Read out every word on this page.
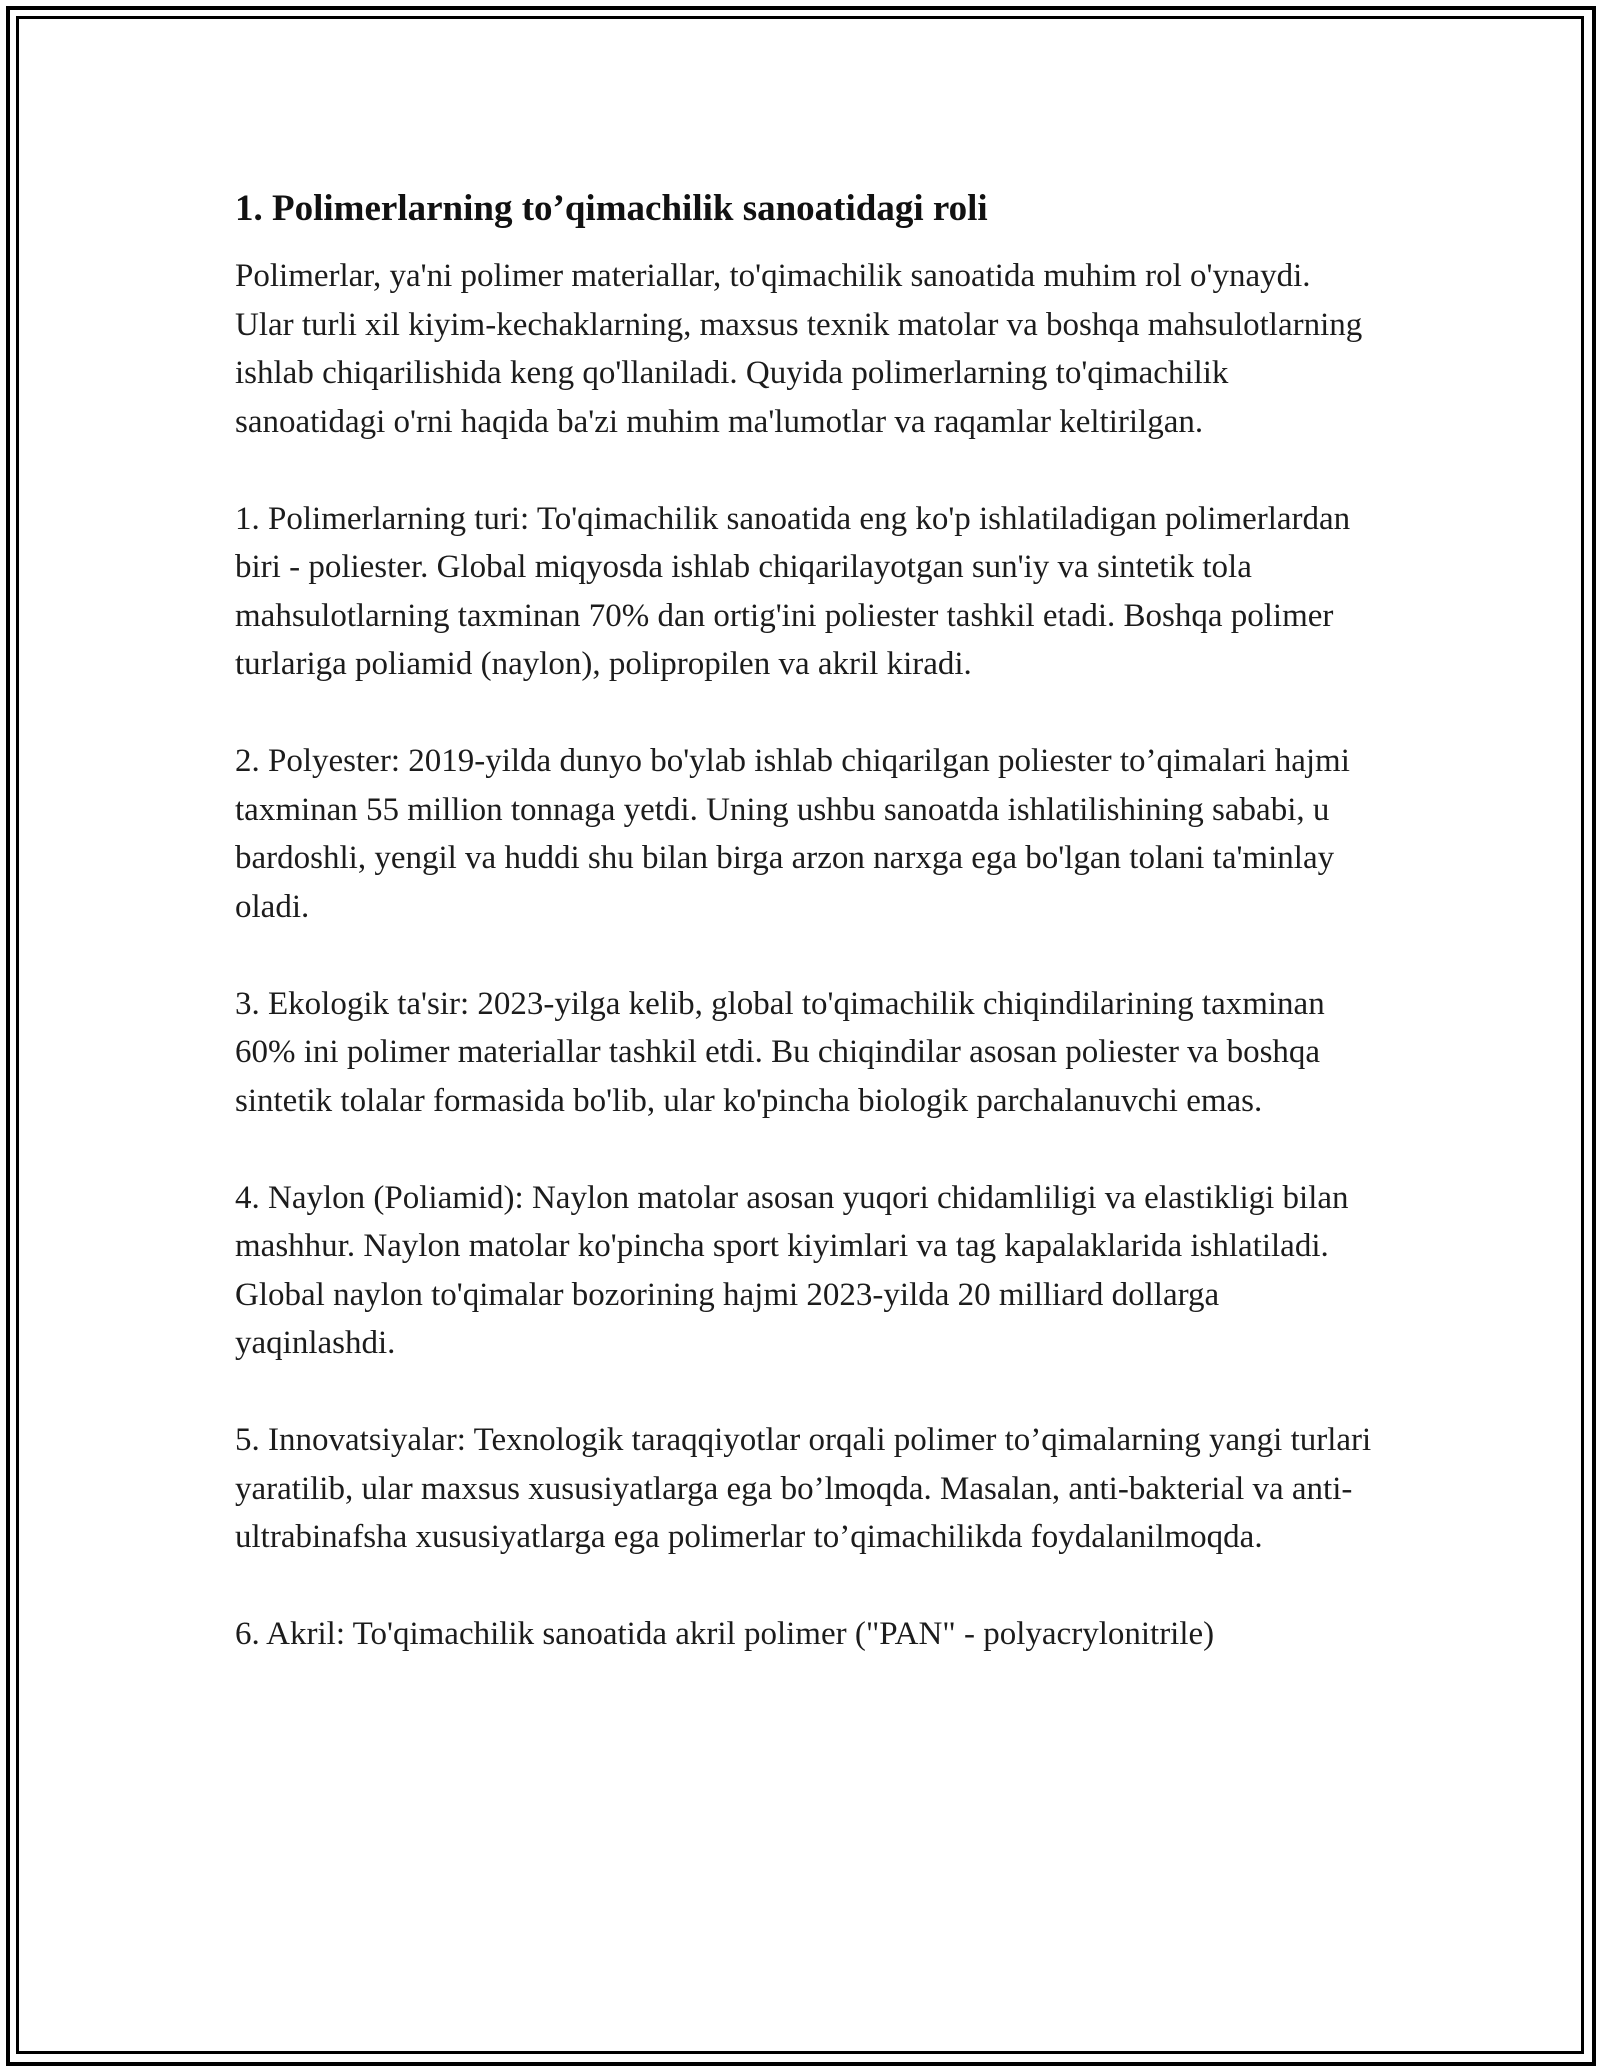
1. Polimerlarning to’qimachilik sanoatidagi roli

Polimerlar, ya'ni polimer materiallar, to'qimachilik sanoatida muhim rol o'ynaydi. Ular turli xil kiyim-kechaklarning, maxsus texnik matolar va boshqa mahsulotlarning ishlab chiqarilishida keng qo'llaniladi. Quyida polimerlarning to'qimachilik sanoatidagi o'rni haqida ba'zi muhim ma'lumotlar va raqamlar keltirilgan.

1. Polimerlarning turi: To'qimachilik sanoatida eng ko'p ishlatiladigan polimerlardan biri - poliester. Global miqyosda ishlab chiqarilayotgan sun'iy va sintetik tola mahsulotlarning taxminan 70% dan ortig'ini poliester tashkil etadi. Boshqa polimer turlariga poliamid (naylon), polipropilen va akril kiradi.

2. Polyester: 2019-yilda dunyo bo'ylab ishlab chiqarilgan poliester to’qimalari hajmi taxminan 55 million tonnaga yetdi. Uning ushbu sanoatda ishlatilishining sababi, u bardoshli, yengil va huddi shu bilan birga arzon narxga ega bo'lgan tolani ta'minlay oladi.

3. Ekologik ta'sir: 2023-yilga kelib, global to'qimachilik chiqindilarining taxminan 60% ini polimer materiallar tashkil etdi. Bu chiqindilar asosan poliester va boshqa sintetik tolalar formasida bo'lib, ular ko'pincha biologik parchalanuvchi emas.

4. Naylon (Poliamid): Naylon matolar asosan yuqori chidamliligi va elastikligi bilan mashhur. Naylon matolar ko'pincha sport kiyimlari va tag kapalaklarida ishlatiladi. Global naylon to'qimalar bozorining hajmi 2023-yilda 20 milliard dollarga yaqinlashdi.

5. Innovatsiyalar: Texnologik taraqqiyotlar orqali polimer to’qimalarning yangi turlari yaratilib, ular maxsus xususiyatlarga ega bo’lmoqda. Masalan, anti-bakterial va anti-ultrabinafsha xususiyatlarga ega polimerlar to’qimachilikda foydalanilmoqda.

6. Akril: To'qimachilik sanoatida akril polimer ("PAN" - polyacrylonitrile)
